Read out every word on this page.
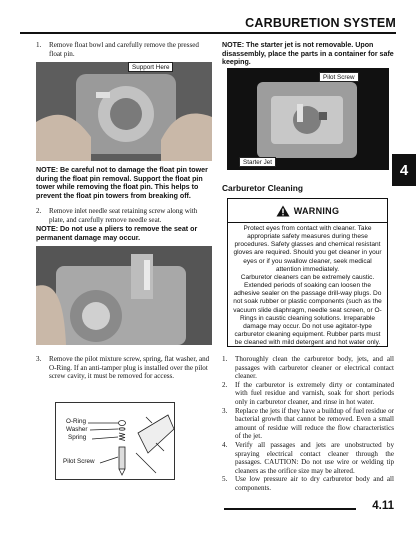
CARBURETION SYSTEM
1.	Remove float bowl and carefully remove the pressed float pin.
Support Here
NOTE: Be careful not to damage the float pin tower during the float pin removal. Support the float pin tower while removing the float pin. This helps to prevent the float pin towers from breaking off.
2.	Remove inlet needle seat retaining screw along with plate, and carefully remove needle seat.
NOTE: Do not use a pliers to remove the seat or permanent damage may occur.
3.	Remove the pilot mixture screw, spring, flat washer, and O-Ring. If an anti-tamper plug is installed over the pilot screw cavity, it must be removed for access.
O-Ring
Washer
Spring
Pilot Screw
NOTE: The starter jet is not removable. Upon disassembly, place the parts in a container for safe keeping.
Pilot Screw
Starter Jet	4
Carburetor Cleaning
WARNING
Protect eyes from contact with cleaner. Take
appropriate safety measures during these
procedures. Safety glasses and chemical resistant
gloves are required. Should you get cleaner in your
eyes or if you swallow cleaner, seek medical
attention immediately.
Carburetor cleaners can be extremely caustic.
Extended periods of soaking can loosen the
adhesive sealer on the passage drill-way plugs. Do
not soak rubber or plastic components (such as the
vacuum slide diaphragm, needle seat screen, or O-
Rings in caustic cleaning solutions. Irreparable
damage may occur. Do not use agitator-type
carburetor cleaning equipment. Rubber parts must
be cleaned with mild detergent and hot water only.
1.	Thoroughly clean the carburetor body, jets, and all passages with carburetor cleaner or electrical contact cleaner.
2.	If the carburetor is extremely dirty or contaminated with fuel residue and varnish, soak for short periods only in carburetor cleaner, and rinse in hot water.
3.	Replace the jets if they have a buildup of fuel residue or bacterial growth that cannot be removed. Even a small amount of residue will reduce the flow characteristics of the jet.
4.	Verify all passages and jets are unobstructed by spraying electrical contact cleaner through the passages. CAUTION: Do not use wire or welding tip cleaners as the orifice size may be altered.
5.	Use low pressure air to dry carburetor body and all components.
4.11
